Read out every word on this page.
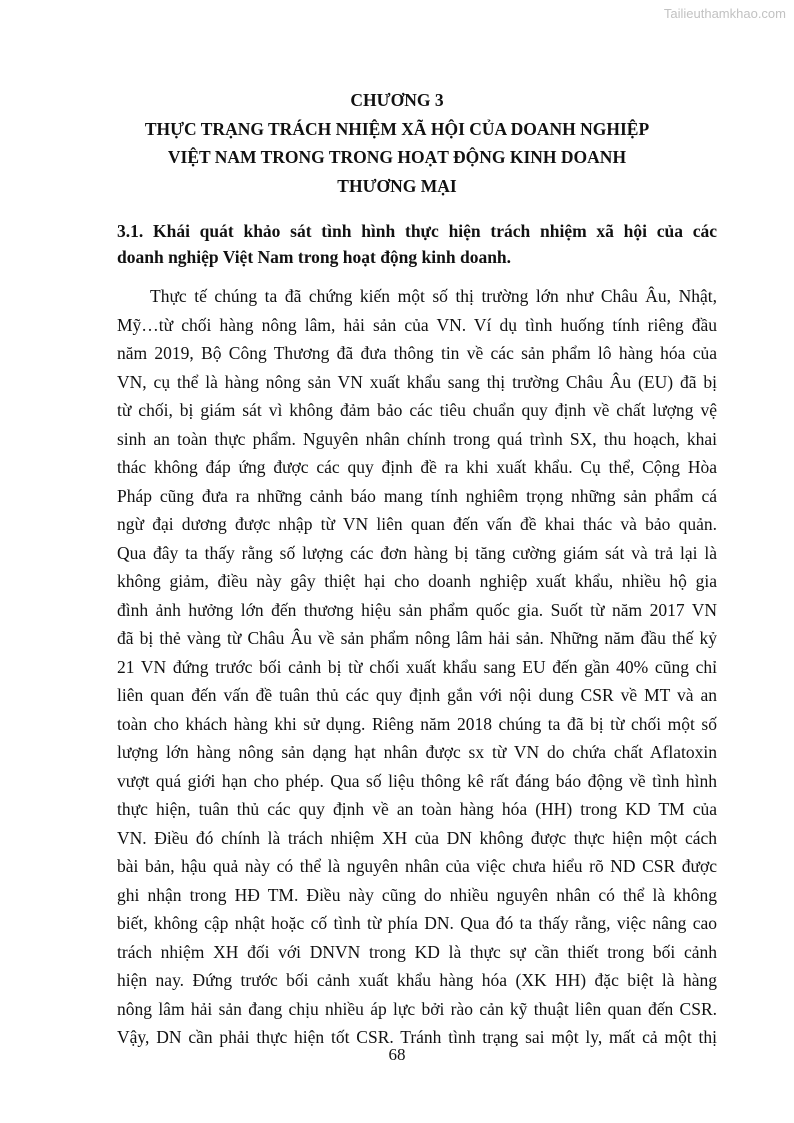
Tailieuthamkhao.com
CHƯƠNG 3
THỰC TRẠNG TRÁCH NHIỆM XÃ HỘI CỦA DOANH NGHIỆP
VIỆT NAM TRONG TRONG HOẠT ĐỘNG KINH DOANH
THƯƠNG MẠI
3.1. Khái quát khảo sát tình hình thực hiện trách nhiệm xã hội của các
doanh nghiệp Việt Nam trong hoạt động kinh doanh.
Thực tế chúng ta đã chứng kiến một số thị trường lớn như Châu Âu, Nhật,
Mỹ…từ chối hàng nông lâm, hải sản của VN. Ví dụ tình huống tính riêng đầu
năm 2019, Bộ Công Thương đã đưa thông tin về các sản phẩm lô hàng hóa của
VN, cụ thể là hàng nông sản VN xuất khẩu sang thị trường Châu Âu (EU) đã bị
từ chối, bị giám sát vì không đảm bảo các tiêu chuẩn quy định về chất lượng vệ
sinh an toàn thực phẩm. Nguyên nhân chính trong quá trình SX, thu hoạch, khai
thác không đáp ứng được các quy định đề ra khi xuất khẩu. Cụ thể, Cộng Hòa
Pháp cũng đưa ra những cảnh báo mang tính nghiêm trọng những sản phẩm cá
ngừ đại dương được nhập từ VN liên quan đến vấn đề khai thác và bảo quản.
Qua đây ta thấy rằng số lượng các đơn hàng bị tăng cường giám sát và trả lại là
không giảm, điều này gây thiệt hại cho doanh nghiệp xuất khẩu, nhiều hộ gia
đình ảnh hưởng lớn đến thương hiệu sản phẩm quốc gia. Suốt từ năm 2017 VN
đã bị thẻ vàng từ Châu Âu về sản phẩm nông lâm hải sản. Những năm đầu thế kỷ
21 VN đứng trước bối cảnh bị từ chối xuất khẩu sang EU đến gần 40% cũng chỉ
liên quan đến vấn đề tuân thủ các quy định gắn với nội dung CSR về MT và an
toàn cho khách hàng khi sử dụng. Riêng năm 2018 chúng ta đã bị từ chối một số
lượng lớn hàng nông sản dạng hạt nhân được sx từ VN do chứa chất Aflatoxin
vượt quá giới hạn cho phép. Qua số liệu thông kê rất đáng báo động về tình hình
thực hiện, tuân thủ các quy định về an toàn hàng hóa (HH) trong KD TM của
VN. Điều đó chính là trách nhiệm XH của DN không được thực hiện một cách
bài bản, hậu quả này có thể là nguyên nhân của việc chưa hiểu rõ ND CSR được
ghi nhận trong HĐ TM. Điều này cũng do nhiều nguyên nhân có thể là không
biết, không cập nhật hoặc cố tình từ phía DN. Qua đó ta thấy rằng, việc nâng cao
trách nhiệm XH đối với DNVN trong KD là thực sự cần thiết trong bối cảnh
hiện nay. Đứng trước bối cảnh xuất khẩu hàng hóa (XK HH) đặc biệt là hàng
nông lâm hải sản đang chịu nhiều áp lực bởi rào cản kỹ thuật liên quan đến CSR.
Vậy, DN cần phải thực hiện tốt CSR. Tránh tình trạng sai một ly, mất cả một thị
68
